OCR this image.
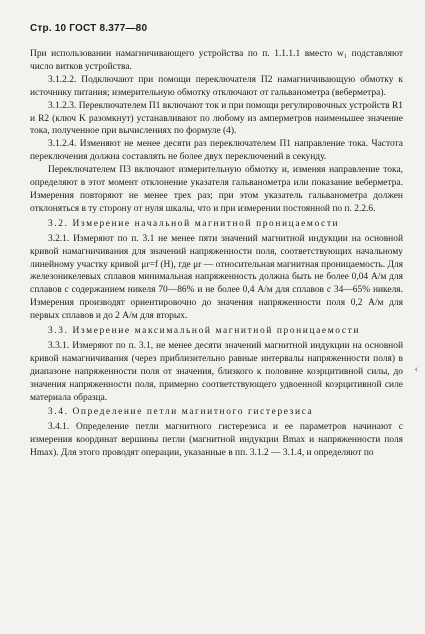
Стр. 10 ГОСТ 8.377—80

При использовании намагничивающего устройства по п. 1.1.1.1 вместо w₁ подставляют число витков устройства.

3.1.2.2. Подключают при помощи переключателя П2 намагничивающую обмотку к источнику питания; измерительную обмотку отключают от гальванометра (веберметра).

3.1.2.3. Переключателем П1 включают ток и при помощи регулировочных устройств R1 и R2 (ключ K разомкнут) устанавливают по любому из амперметров наименьшее значение тока, полученное при вычислениях по формуле (4).

3.1.2.4. Изменяют не менее десяти раз переключателем П1 направление тока. Частота переключения должна составлять не более двух переключений в секунду.

Переключателем П3 включают измерительную обмотку и, изменяя направление тока, определяют в этот момент отклонение указателя гальванометра или показание веберметра. Измерения повторяют не менее трех раз; при этом указатель гальванометра должен отклоняться в ту сторону от нуля шкалы, что и при измерении постоянной по п. 2.2.6.

3.2. Измерение начальной магнитной проницаемости

3.2.1. Измеряют по п. 3.1 не менее пяти значений магнитной индукции на основной кривой намагничивания для значений напряженности поля, соответствующих начальному линейному участку кривой μr=f (H), где μr — относительная магнитная проницаемость. Для железоникелевых сплавов минимальная напряженность должна быть не более 0,04 А/м для сплавов с содержанием никеля 70—86% и не более 0,4 А/м для сплавов с 34—65% никеля. Измерения производят ориентировочно до значения напряженности поля 0,2 А/м для первых сплавов и до 2 А/м для вторых.

3.3. Измерение максимальной магнитной проницаемости

3.3.1. Измеряют по п. 3.1, не менее десяти значений магнитной индукции на основной кривой намагничивания (через приблизительно равные интервалы напряженности поля) в диапазоне напряженности поля от значения, близкого к половине коэрцитивной силы, до значения напряженности поля, примерно соответствующего удвоенной коэрцитивной силе материала образца.

3.4. Определение петли магнитного гистерезиса

3.4.1. Определение петли магнитного гистерезиса и ее параметров начинают с измерения координат вершины петли (магнитной индукции Bmax и напряженности поля Hmax). Для этого проводят операции, указанные в пп. 3.1.2 — 3.1.4, и определяют по

‹
